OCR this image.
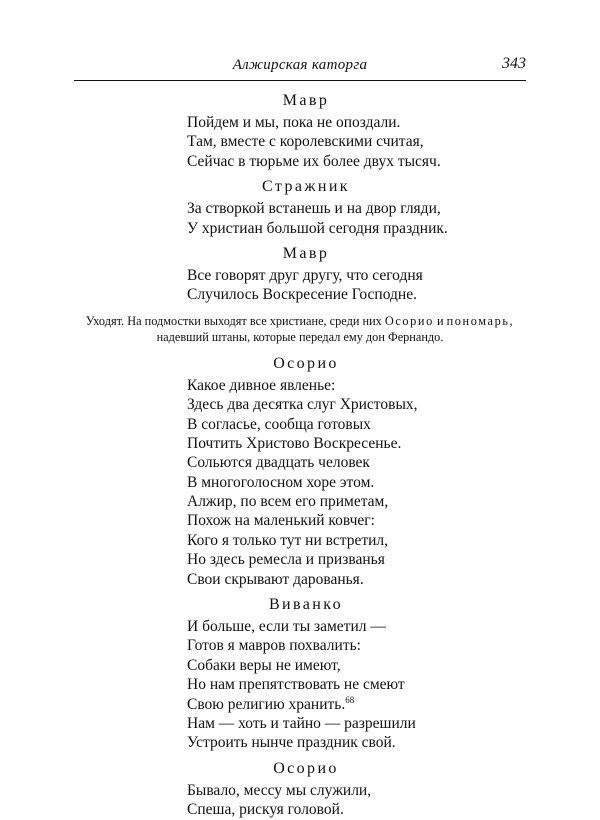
Алжирская каторга	343
Мавр
Пойдем и мы, пока не опоздали.
Там, вместе с королевскими считая,
Сейчас в тюрьме их более двух тысяч.
Стражник
За створкой встанешь и на двор гляди,
У христиан большой сегодня праздник.
Мавр
Все говорят друг другу, что сегодня
Случилось Воскресение Господне.
Уходят. На подмостки выходят все христиане, среди них Осорио и пономарь,
надевший штаны, которые передал ему дон Фернандо.
Осорио
Какое дивное явленье:
Здесь два десятка слуг Христовых,
В согласье, сообща готовых
Почтить Христово Воскресенье.
Сольются двадцать человек
В многоголосном хоре этом.
Алжир, по всем его приметам,
Похож на маленький ковчег:
Кого я только тут ни встретил,
Но здесь ремесла и призванья
Свои скрывают дарованья.
Виванко
И больше, если ты заметил —
Готов я мавров похвалить:
Собаки веры не имеют,
Но нам препятствовать не смеют
Свою религию хранить.$^{68}$
Нам — хоть и тайно — разрешили
Устроить нынче праздник свой.
Осорио
Бывало, мессу мы служили,
Спеша, рискуя головой.
